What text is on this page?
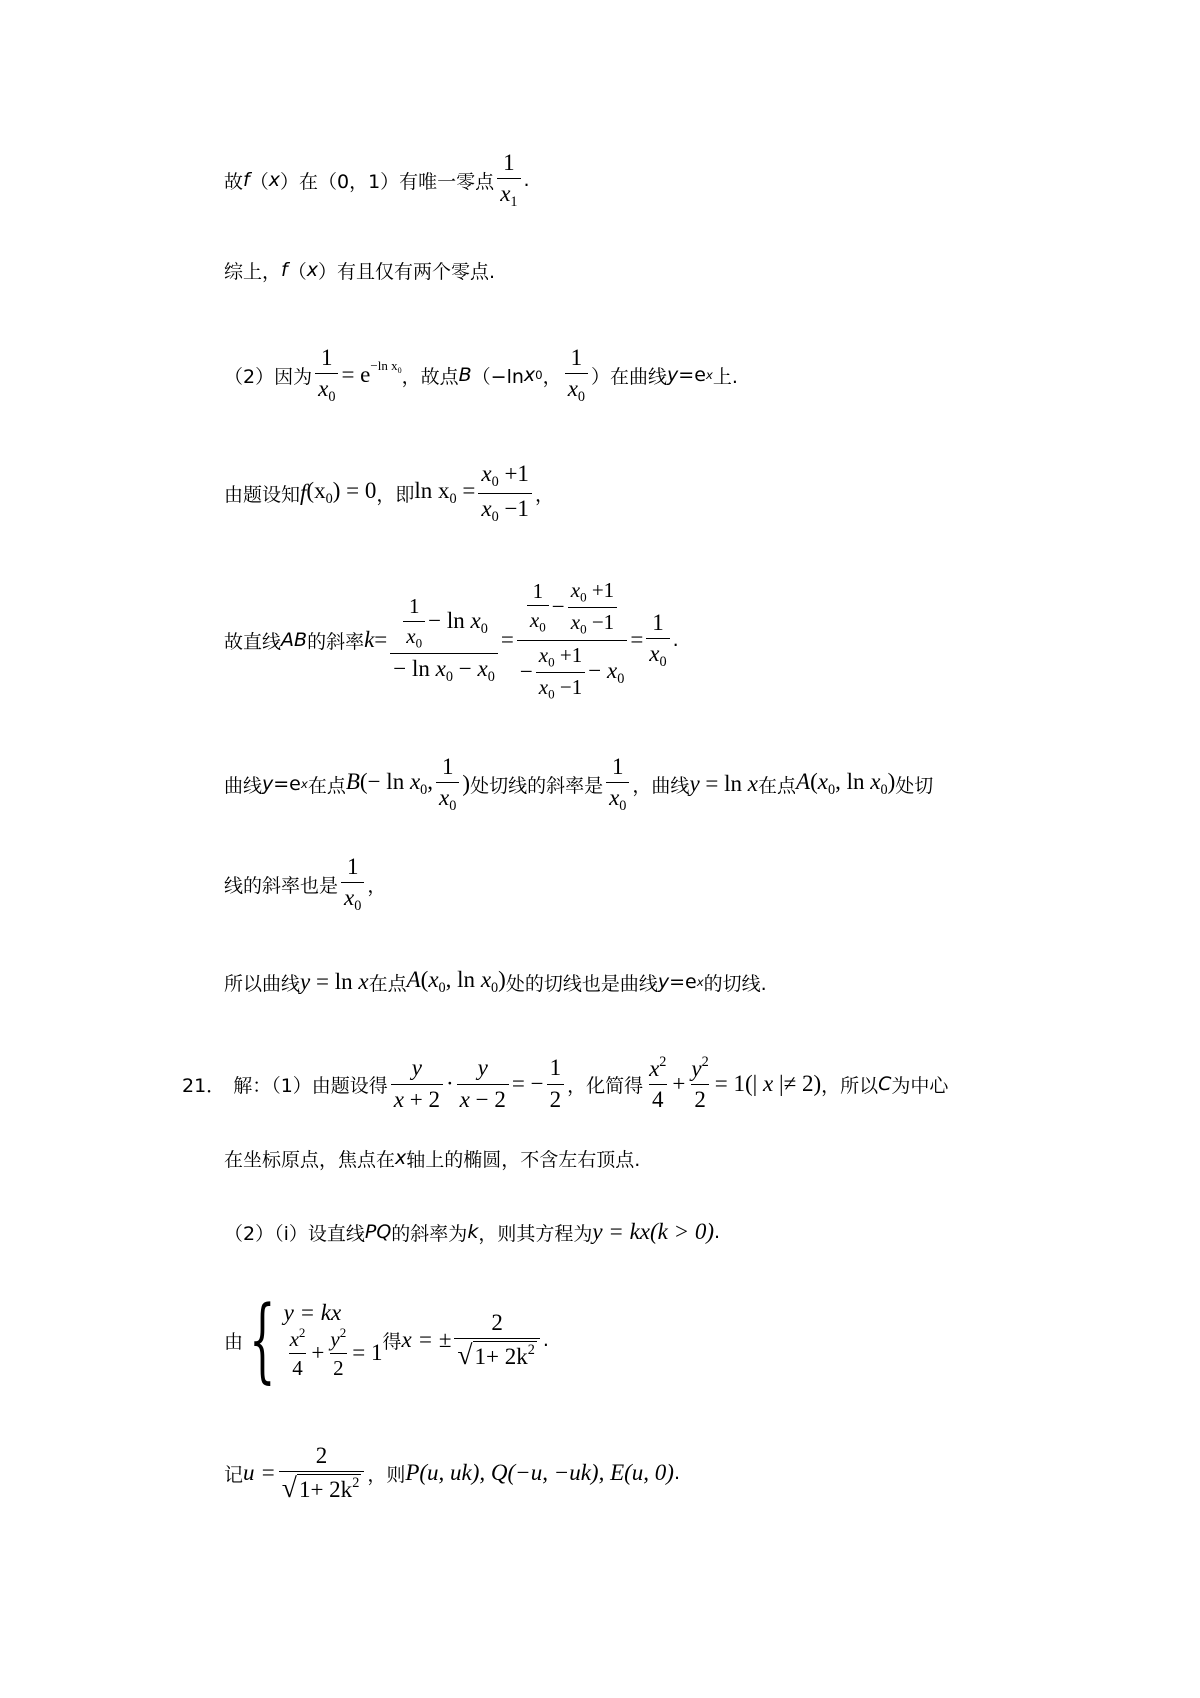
故 f （ x ） 在（0，1）有唯一零点 $\frac{1}{x_1}$ .
综上， f （ x ） 有且仅有两个零点.
（2）因为 $\frac{1}{x_0} = e -\ln$ $x_0$ ，故点 B （−ln x 0 ， $\frac{1}{x_0}$ ）在曲线 y =e x 上.
由题设知 f $(x_0) = 0$ ，即 $\ln x_0 = \frac{x_0 +1}{x_0 -1}$ ，
故直线 AB 的斜率 $k = \frac{\frac{1}{x_0} - \ln x_0}{- \ln x_0 - x_0} = \frac{\frac{1}{x_0} - \frac{x_0 +1}{x_0 -1}}{- \frac{x_0 +1}{x_0 -1} - x_0} = \frac{1}{x_0}$ .
曲线 y =e x 在点 $B(- \ln x_0$, $\frac{1}{x_0}$ ) 处切线的斜率是 $\frac{1}{x_0}$ ，曲线 y = ln x 在点 $A(x_0$, $\ln x_0$) 处切
线的斜率也是 $\frac{1}{x_0}$ ，
所以曲线 y = ln x 在点 $A(x_0$, $\ln x_0$) 处的切线也是曲线 y =e x 的切线.
21． 解：（1）由题设得 $\frac{y}{x + 2} \cdot \frac{y}{x - 2}$ = − $\frac{1}{2}$ ，化简得 $\frac{x^2}{4} + \frac{y^2}{2} = 1(|$ x |≠ 2) ，所以 C 为中心
在坐标原点，焦点在 x 轴上的椭圆，不含左右顶点.
（2）（i）设直线 PQ 的斜率为 k ，则其方程为 y = kx(k > 0) .
由 { y = kx
$\frac{x^2}{4} + \frac{y^2}{2} = 1$ 得 x = ± $\frac{2}{√ 1+ 2k^2}$ .
记 $u = \frac{2}{√ 1+ 2k^2}$ ，则 P(u, uk), Q(−u, −uk), E(u, 0) .
